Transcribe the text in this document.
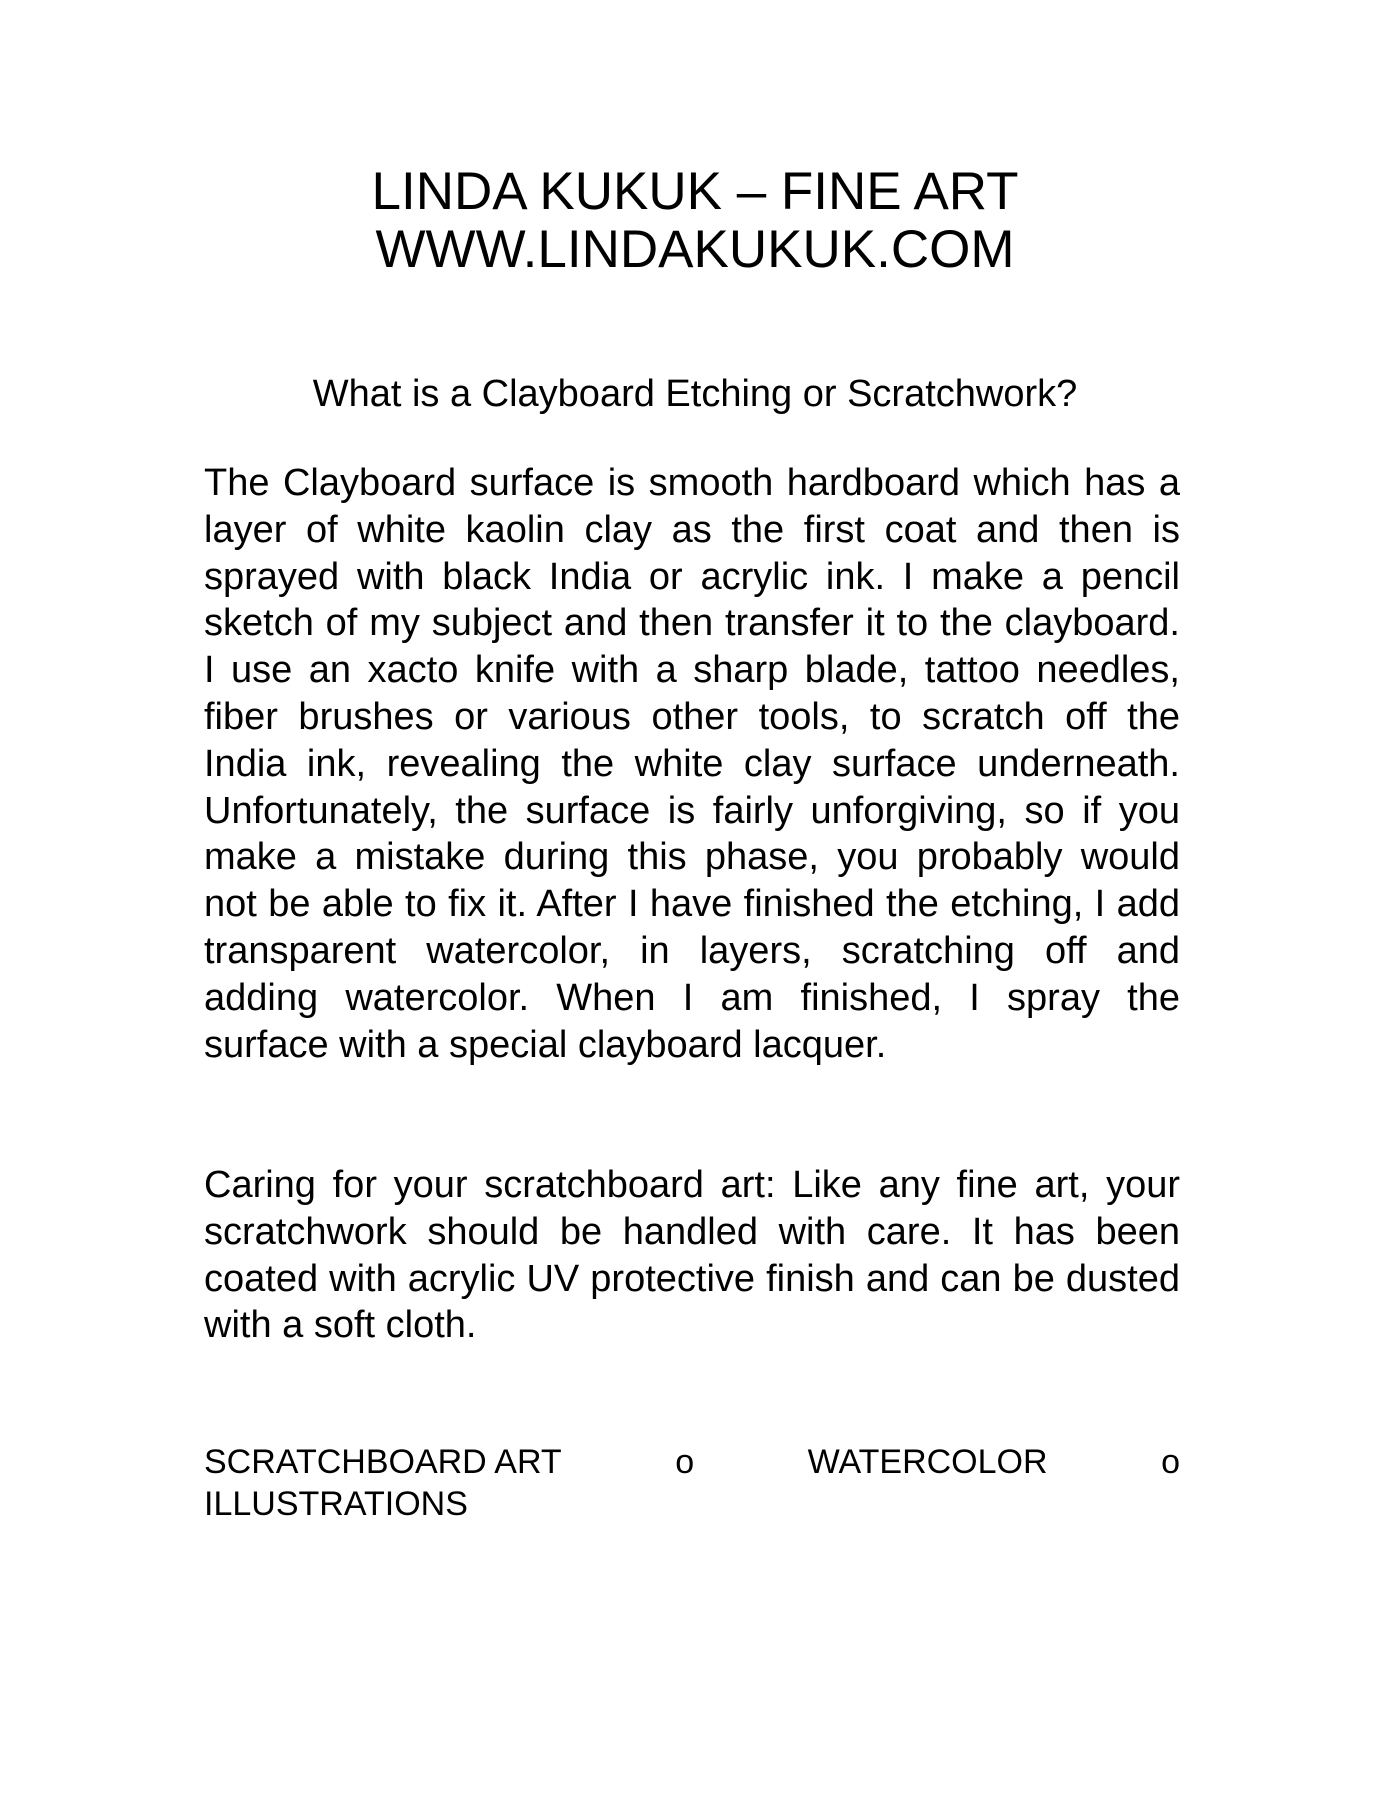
LINDA KUKUK – FINE ART
WWW.LINDAKUKUK.COM
What is a Clayboard Etching or Scratchwork?

The Clayboard surface is smooth hardboard which has a layer of white kaolin clay as the first coat and then is sprayed with black India or acrylic ink. I make a pencil sketch of my subject and then transfer it to the clayboard. I use an xacto knife with a sharp blade, tattoo needles, fiber brushes or various other tools, to scratch off the India ink, revealing the white clay surface underneath. Unfortunately, the surface is fairly unforgiving, so if you make a mistake during this phase, you probably would not be able to fix it. After I have finished the etching, I add transparent watercolor, in layers, scratching off and adding watercolor. When I am finished, I spray the surface with a special clayboard lacquer.

Caring for your scratchboard art: Like any fine art, your scratchwork should be handled with care. It has been coated with acrylic UV protective finish and can be dusted with a soft cloth.

SCRATCHBOARD ART	o	WATERCOLOR	o
ILLUSTRATIONS
